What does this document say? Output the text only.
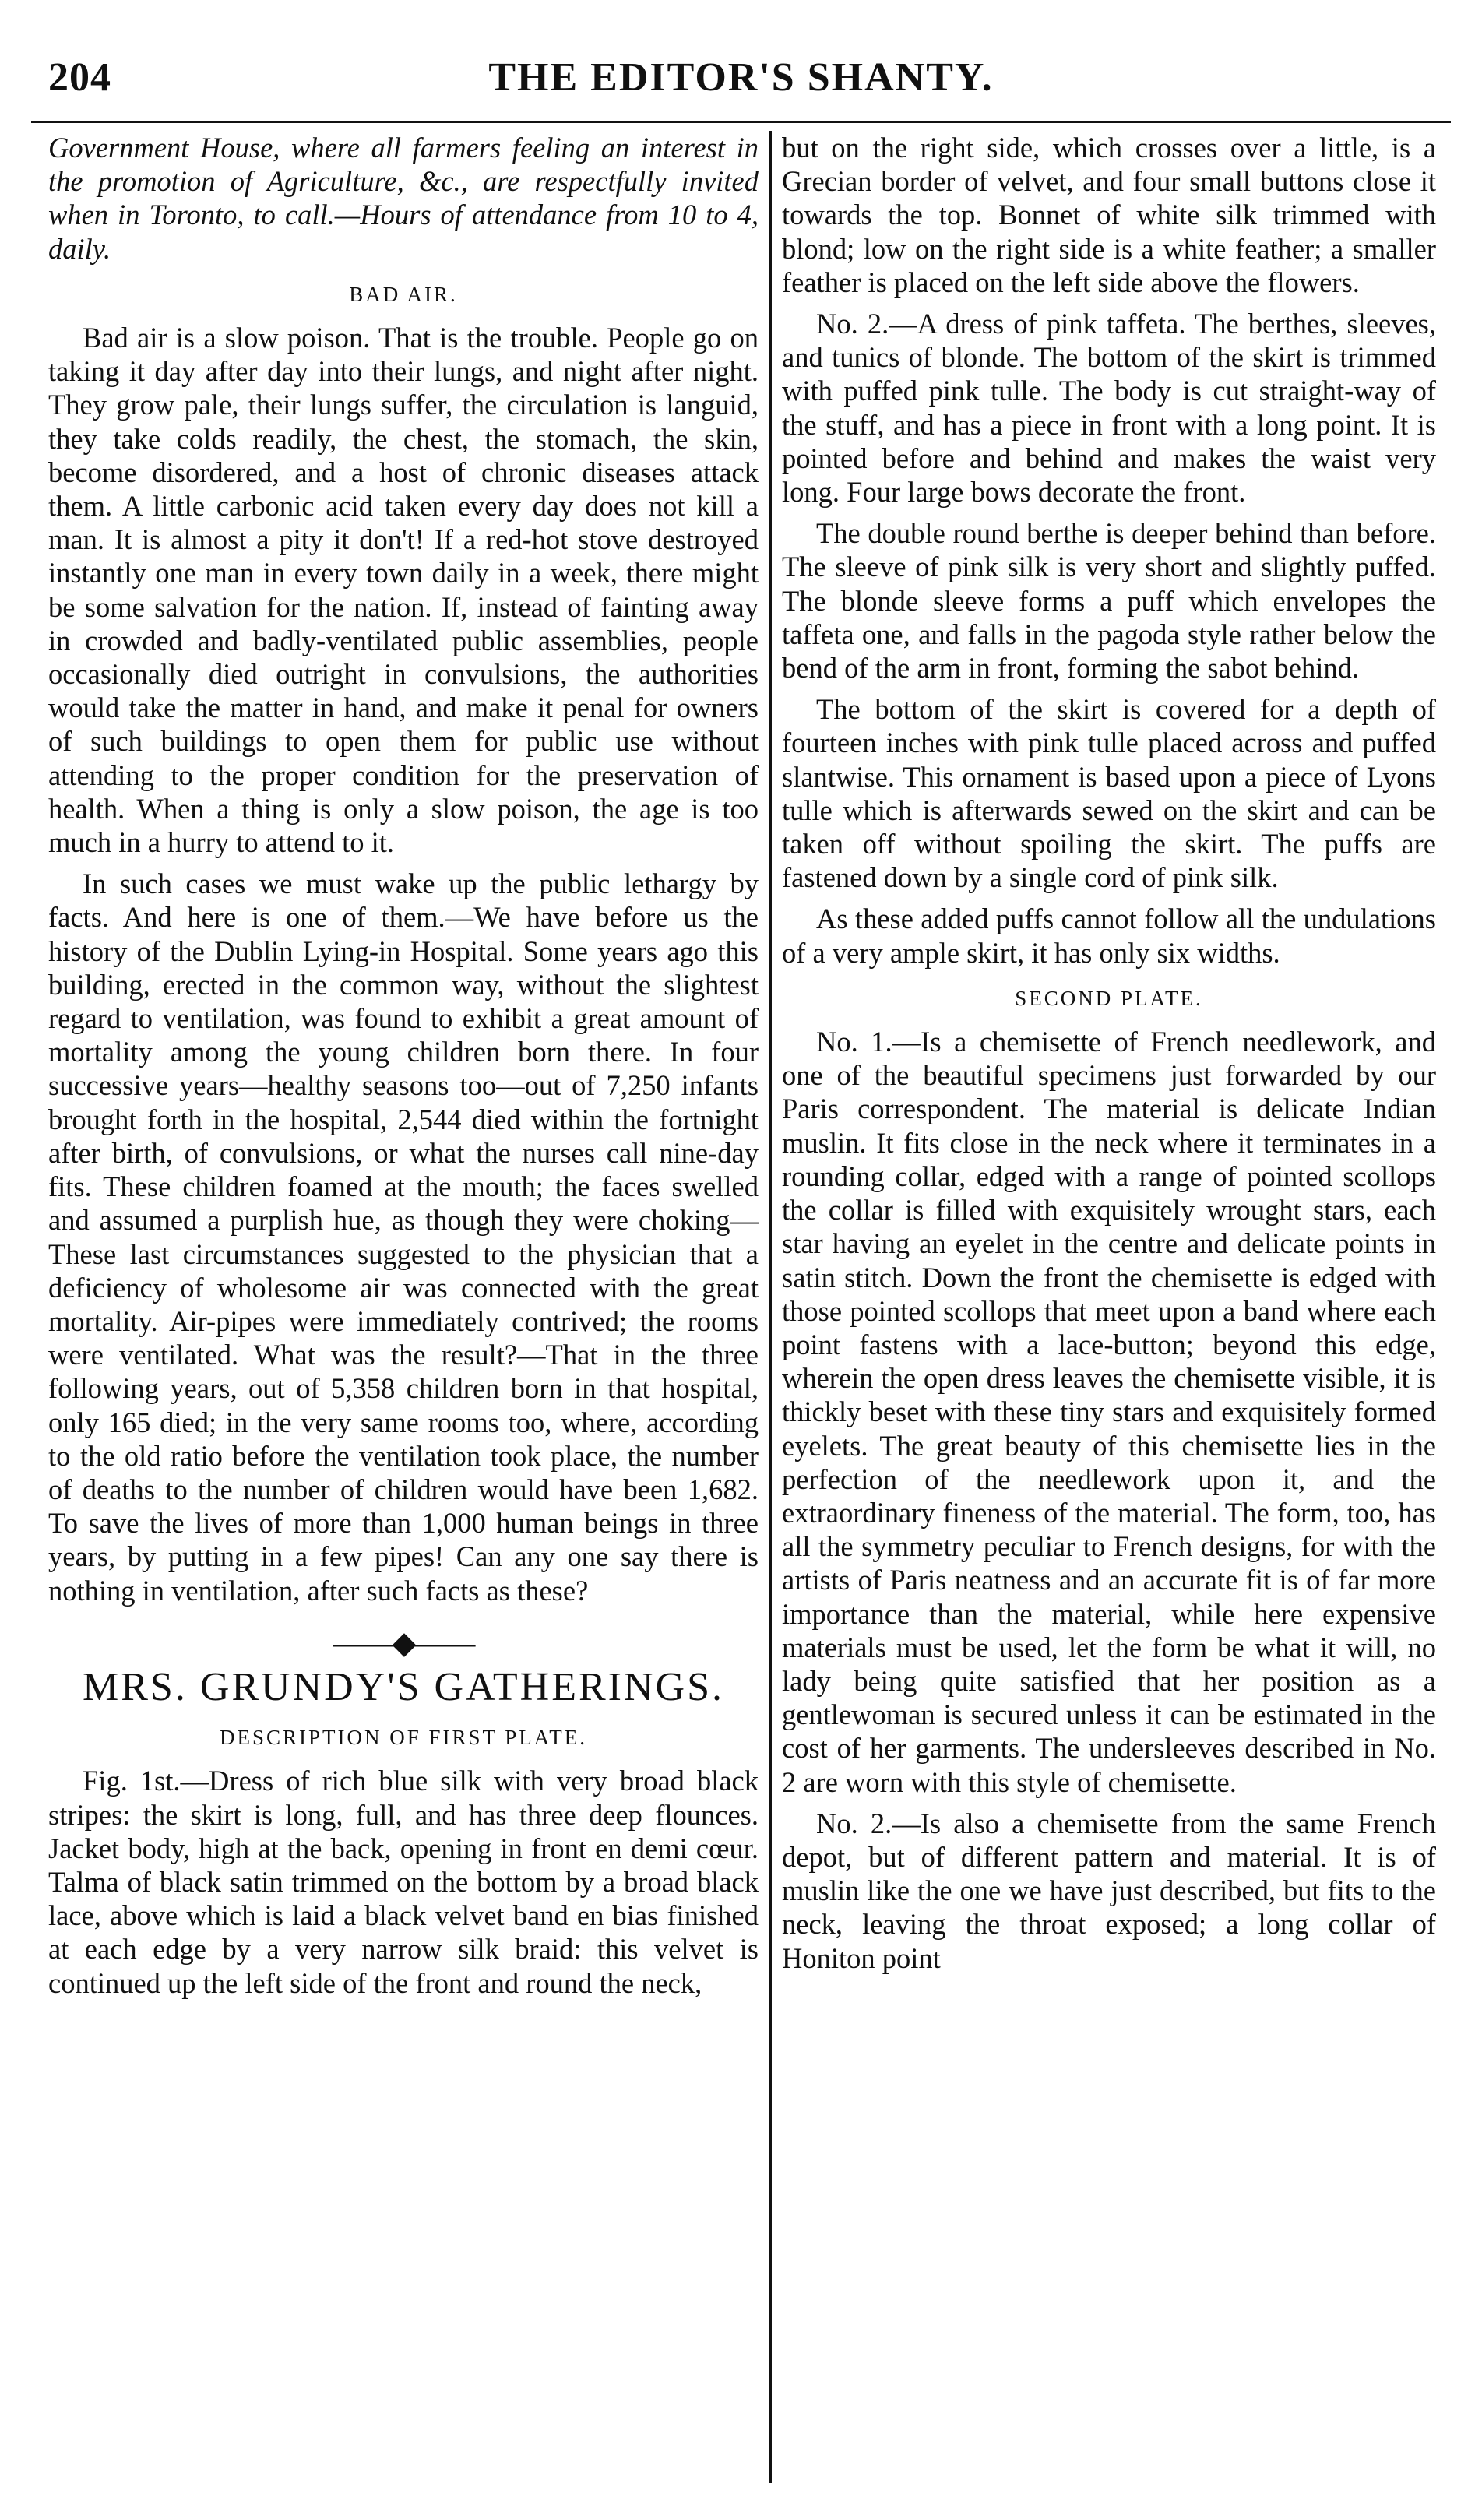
204	THE EDITOR'S SHANTY.

Government House, where all farmers feeling an interest in the promotion of Agriculture, &c., are respectfully invited when in Toronto, to call.—Hours of attendance from 10 to 4, daily.

BAD AIR.

Bad air is a slow poison. That is the trouble. People go on taking it day after day into their lungs, and night after night. They grow pale, their lungs suffer, the circulation is languid, they take colds readily, the chest, the stomach, the skin, become disordered, and a host of chronic diseases attack them. A little carbonic acid taken every day does not kill a man. It is almost a pity it don't! If a red-hot stove destroyed instantly one man in every town daily in a week, there might be some salvation for the nation. If, instead of fainting away in crowded and badly-ventilated public assemblies, people occasionally died outright in convulsions, the authorities would take the matter in hand, and make it penal for owners of such buildings to open them for public use without attending to the proper condition for the preservation of health. When a thing is only a slow poison, the age is too much in a hurry to attend to it.

In such cases we must wake up the public lethargy by facts. And here is one of them.—We have before us the history of the Dublin Lying-in Hospital. Some years ago this building, erected in the common way, without the slightest regard to ventilation, was found to exhibit a great amount of mortality among the young children born there. In four successive years—healthy seasons too—out of 7,250 infants brought forth in the hospital, 2,544 died within the fortnight after birth, of convulsions, or what the nurses call nine-day fits. These children foamed at the mouth; the faces swelled and assumed a purplish hue, as though they were choking—These last circumstances suggested to the physician that a deficiency of wholesome air was connected with the great mortality. Air-pipes were immediately contrived; the rooms were ventilated. What was the result?—That in the three following years, out of 5,358 children born in that hospital, only 165 died; in the very same rooms too, where, according to the old ratio before the ventilation took place, the number of deaths to the number of children would have been 1,682. To save the lives of more than 1,000 human beings in three years, by putting in a few pipes! Can any one say there is nothing in ventilation, after such facts as these?

——◆——
MRS. GRUNDY'S GATHERINGS.
DESCRIPTION OF FIRST PLATE.

Fig. 1st.—Dress of rich blue silk with very broad black stripes: the skirt is long, full, and has three deep flounces. Jacket body, high at the back, opening in front en demi cœur. Talma of black satin trimmed on the bottom by a broad black lace, above which is laid a black velvet band en bias finished at each edge by a very narrow silk braid: this velvet is continued up the left side of the front and round the neck,

but on the right side, which crosses over a little, is a Grecian border of velvet, and four small buttons close it towards the top. Bonnet of white silk trimmed with blond; low on the right side is a white feather; a smaller feather is placed on the left side above the flowers.

No. 2.—A dress of pink taffeta. The berthes, sleeves, and tunics of blonde. The bottom of the skirt is trimmed with puffed pink tulle. The body is cut straight-way of the stuff, and has a piece in front with a long point. It is pointed before and behind and makes the waist very long. Four large bows decorate the front.

The double round berthe is deeper behind than before. The sleeve of pink silk is very short and slightly puffed. The blonde sleeve forms a puff which envelopes the taffeta one, and falls in the pagoda style rather below the bend of the arm in front, forming the sabot behind.

The bottom of the skirt is covered for a depth of fourteen inches with pink tulle placed across and puffed slantwise. This ornament is based upon a piece of Lyons tulle which is afterwards sewed on the skirt and can be taken off without spoiling the skirt. The puffs are fastened down by a single cord of pink silk.

As these added puffs cannot follow all the undulations of a very ample skirt, it has only six widths.

SECOND PLATE.

No. 1.—Is a chemisette of French needlework, and one of the beautiful specimens just forwarded by our Paris correspondent. The material is delicate Indian muslin. It fits close in the neck where it terminates in a rounding collar, edged with a range of pointed scollops the collar is filled with exquisitely wrought stars, each star having an eyelet in the centre and delicate points in satin stitch. Down the front the chemisette is edged with those pointed scollops that meet upon a band where each point fastens with a lace-button; beyond this edge, wherein the open dress leaves the chemisette visible, it is thickly beset with these tiny stars and exquisitely formed eyelets. The great beauty of this chemisette lies in the perfection of the needlework upon it, and the extraordinary fineness of the material. The form, too, has all the symmetry peculiar to French designs, for with the artists of Paris neatness and an accurate fit is of far more importance than the material, while here expensive materials must be used, let the form be what it will, no lady being quite satisfied that her position as a gentlewoman is secured unless it can be estimated in the cost of her garments. The undersleeves described in No. 2 are worn with this style of chemisette.

No. 2.—Is also a chemisette from the same French depot, but of different pattern and material. It is of muslin like the one we have just described, but fits to the neck, leaving the throat exposed; a long collar of Honiton point
